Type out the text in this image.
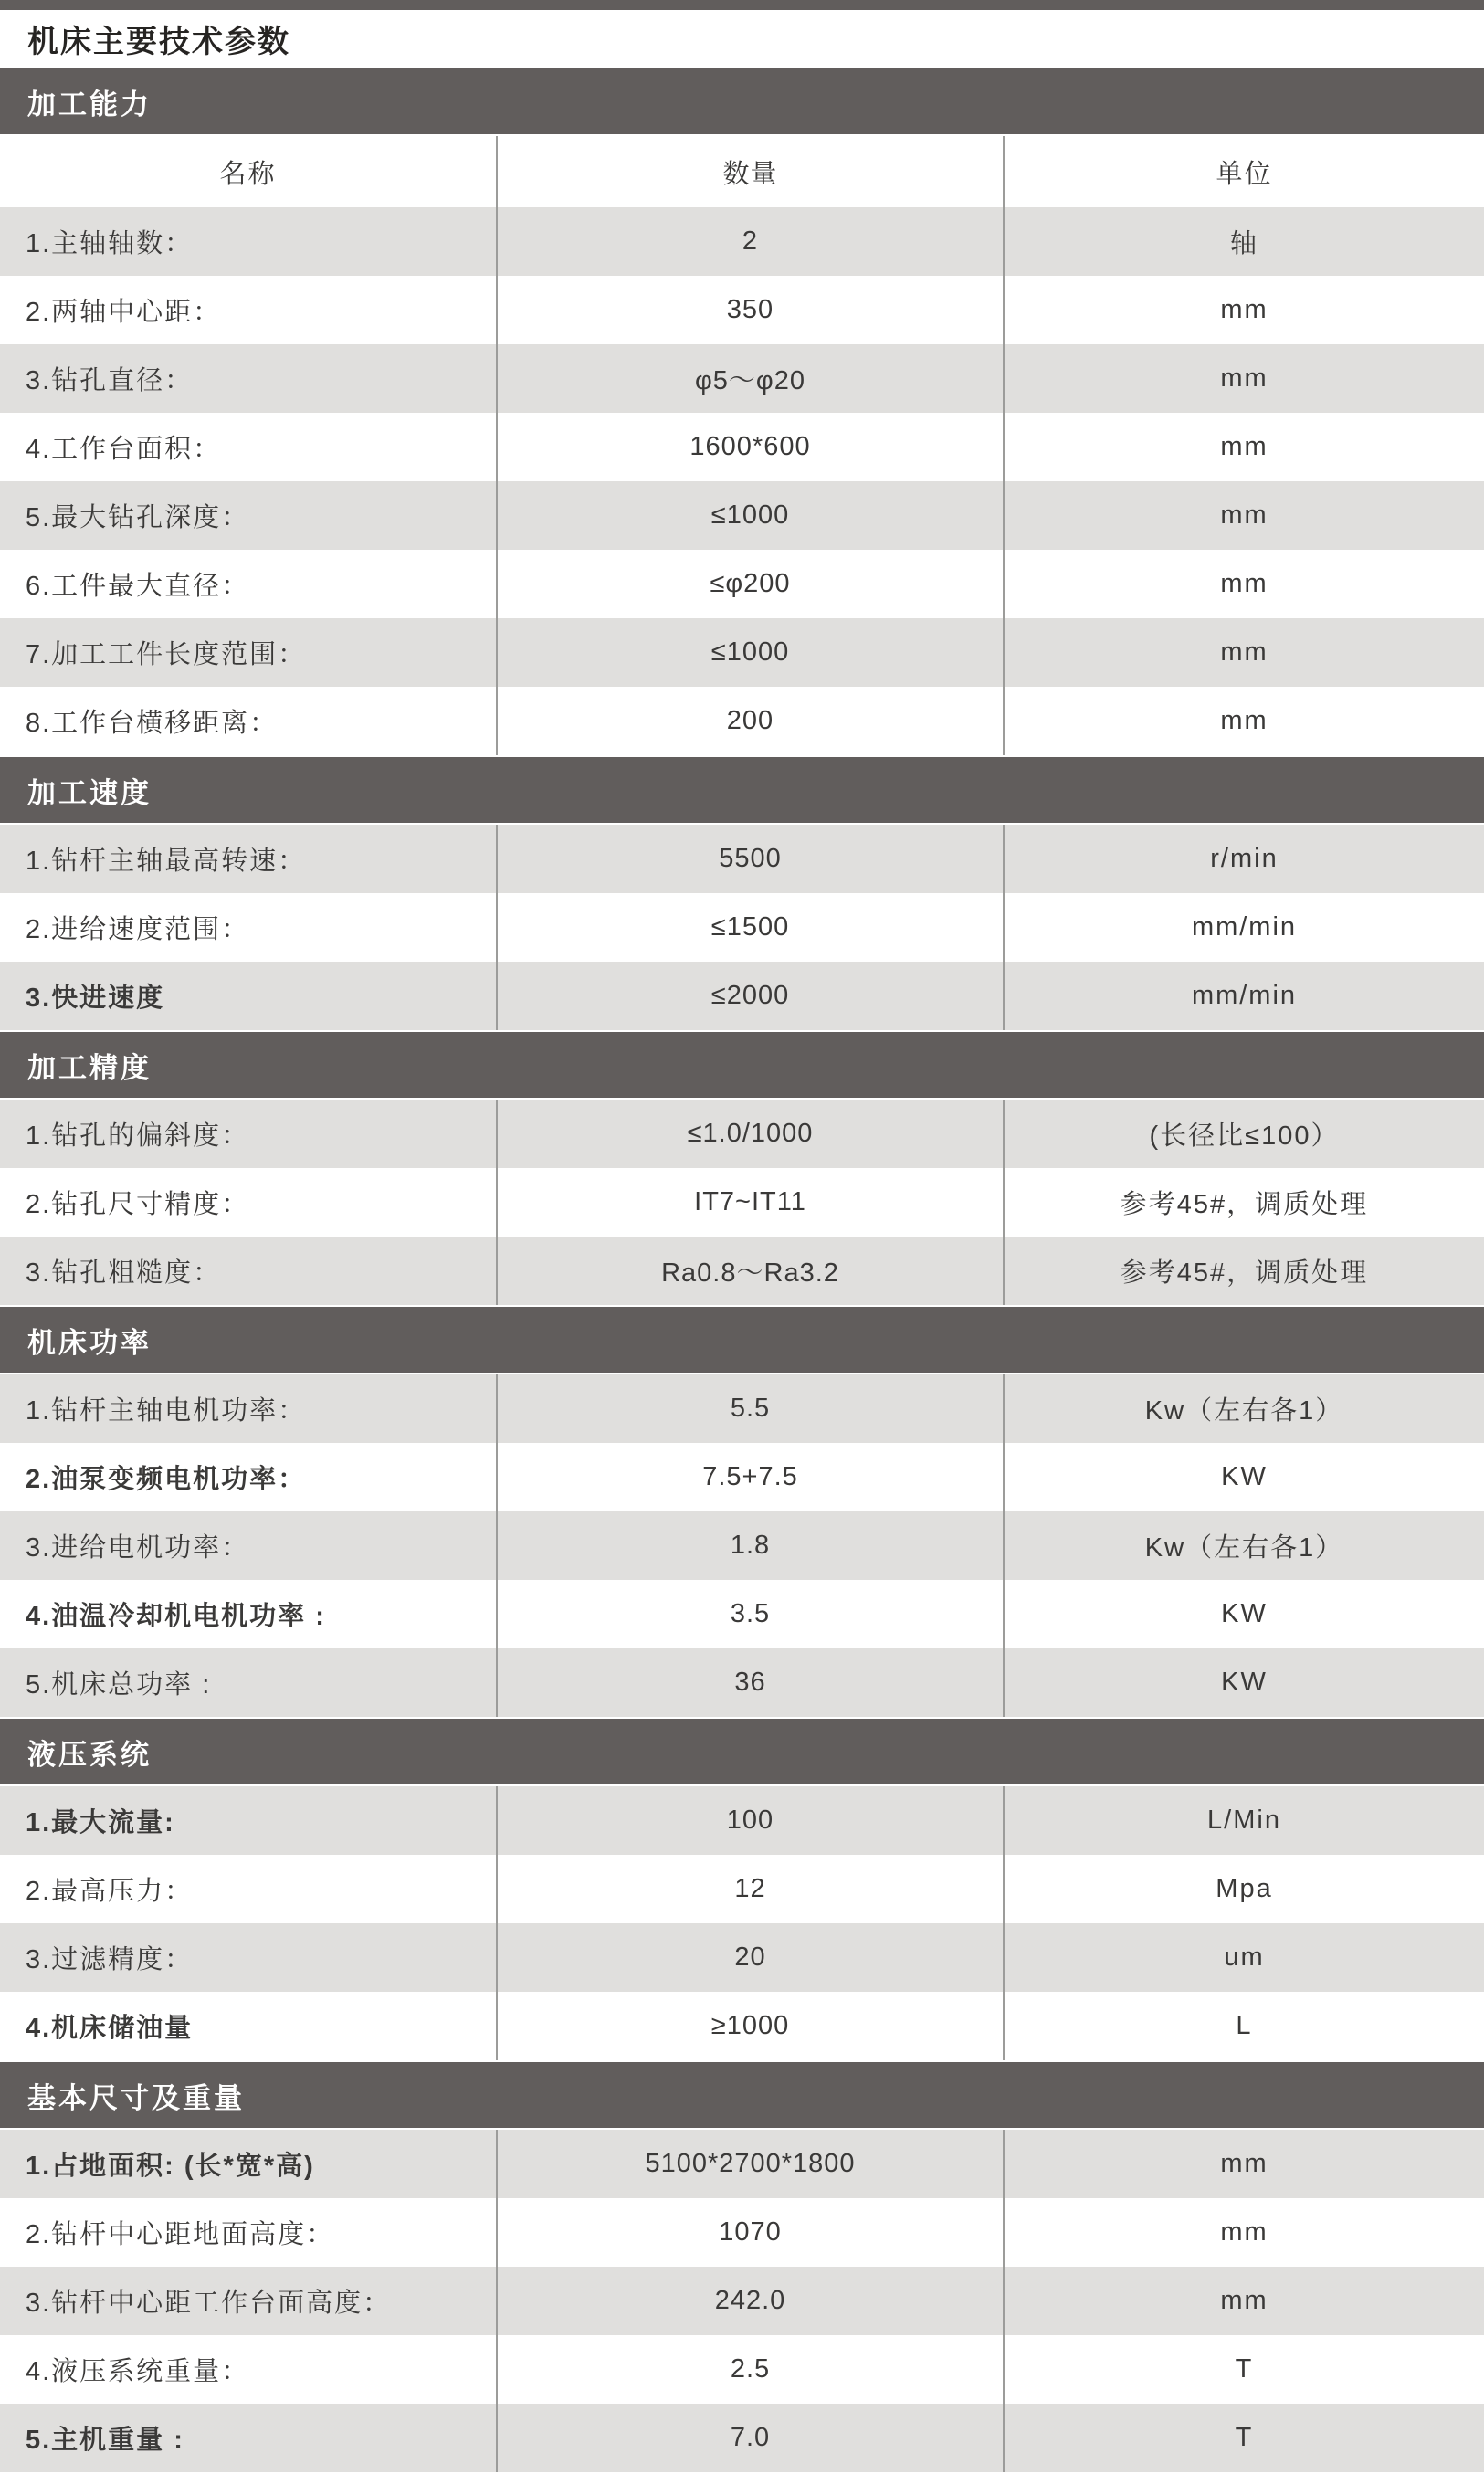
机床主要技术参数
加工能力
名称	数量	单位
1.主轴轴数：	2	轴
2.两轴中心距：	350	mm
3.钻孔直径：	φ5～φ20	mm
4.工作台面积：	1600*600	mm
5.最大钻孔深度：	≤1000	mm
6.工件最大直径：	≤φ200	mm
7.加工工件长度范围：	≤1000	mm
8.工作台横移距离：	200	mm
加工速度
1.钻杆主轴最高转速：	5500	r/min
2.进给速度范围：	≤1500	mm/min
3.快进速度	≤2000	mm/min
加工精度
1.钻孔的偏斜度：	≤1.0/1000	(长径比≤100）
2.钻孔尺寸精度：	IT7~IT11	参考45#，调质处理
3.钻孔粗糙度：	Ra0.8～Ra3.2	参考45#，调质处理
机床功率
1.钻杆主轴电机功率：	5.5	Kw（左右各1）
2.油泵变频电机功率：	7.5+7.5	KW
3.进给电机功率：	1.8	Kw（左右各1）
4.油温冷却机电机功率 :	3.5	KW
5.机床总功率 :	36	KW
液压系统
1.最大流量:	100	L/Min
2.最高压力：	12	Mpa
3.过滤精度：	20	um
4.机床储油量	≥1000	L
基本尺寸及重量
1.占地面积: (长*宽*高)	5100*2700*1800	mm
2.钻杆中心距地面高度：	1070	mm
3.钻杆中心距工作台面高度：	242.0	mm
4.液压系统重量：	2.5	T
5.主机重量 :	7.0	T
